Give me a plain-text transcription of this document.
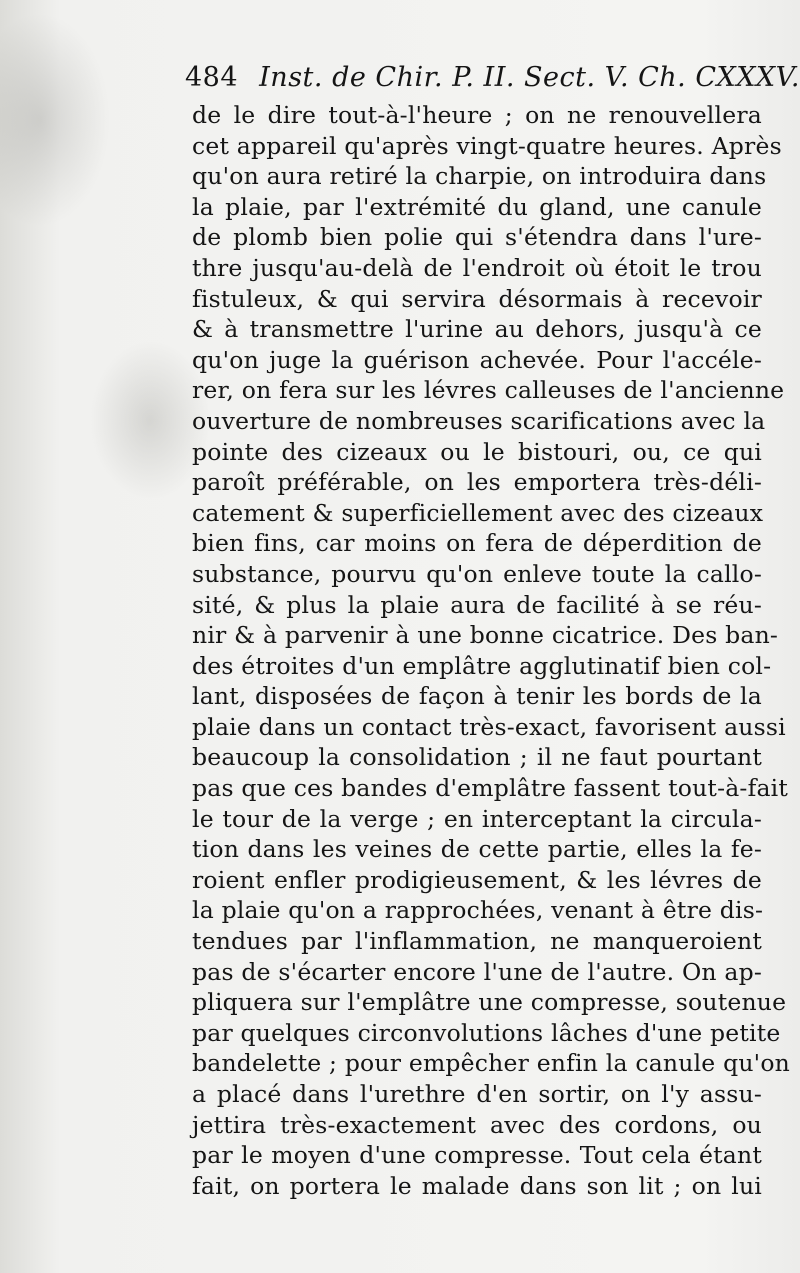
484 Inst. de Chir. P. II. Sect. V. Ch. CXXXV.
de le dire tout-à-l'heure ; on ne renouvellera
cet appareil qu'après vingt-quatre heures. Après
qu'on aura retiré la charpie, on introduira dans
la plaie, par l'extrémité du gland, une canule
de plomb bien polie qui s'étendra dans l'ure-
thre jusqu'au-delà de l'endroit où étoit le trou
fistuleux, & qui servira désormais à recevoir
& à transmettre l'urine au dehors, jusqu'à ce
qu'on juge la guérison achevée. Pour l'accéle-
rer, on fera sur les lévres calleuses de l'ancienne
ouverture de nombreuses scarifications avec la
pointe des cizeaux ou le bistouri, ou, ce qui
paroît préférable, on les emportera très-déli-
catement & superficiellement avec des cizeaux
bien fins, car moins on fera de déperdition de
substance, pourvu qu'on enleve toute la callo-
sité, & plus la plaie aura de facilité à se réu-
nir & à parvenir à une bonne cicatrice. Des ban-
des étroites d'un emplâtre agglutinatif bien col-
lant, disposées de façon à tenir les bords de la
plaie dans un contact très-exact, favorisent aussi
beaucoup la consolidation ; il ne faut pourtant
pas que ces bandes d'emplâtre fassent tout-à-fait
le tour de la verge ; en interceptant la circula-
tion dans les veines de cette partie, elles la fe-
roient enfler prodigieusement, & les lévres de
la plaie qu'on a rapprochées, venant à être dis-
tendues par l'inflammation, ne manqueroient
pas de s'écarter encore l'une de l'autre. On ap-
pliquera sur l'emplâtre une compresse, soutenue
par quelques circonvolutions lâches d'une petite
bandelette ; pour empêcher enfin la canule qu'on
a placé dans l'urethre d'en sortir, on l'y assu-
jettira très-exactement avec des cordons, ou
par le moyen d'une compresse. Tout cela étant
fait, on portera le malade dans son lit ; on lui
